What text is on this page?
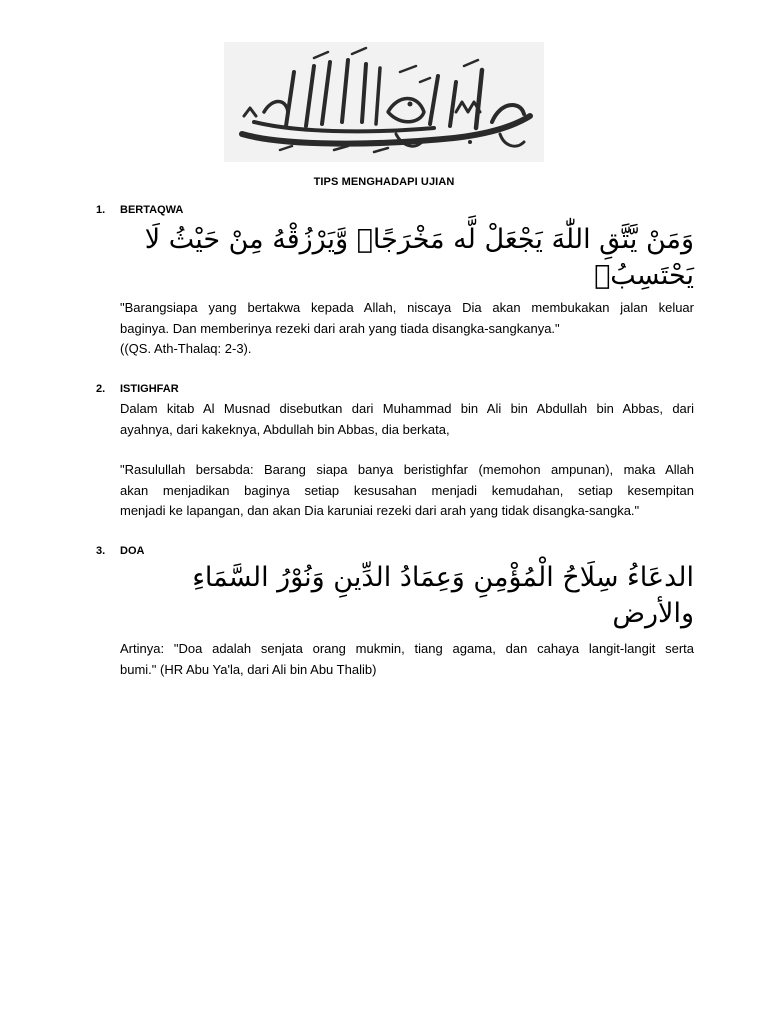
TIPS MENGHADAPI UJIAN
1. BERTAQWA
وَمَنْ يَّتَّقِ اللّٰهَ يَجْعَلْ لَّه مَخْرَجًاۙ وَّيَرْزُقْهُ مِنْ حَيْثُ لَا يَحْتَسِبُۗ
"Barangsiapa yang bertakwa kepada Allah, niscaya Dia akan membukakan jalan keluar
baginya. Dan memberinya rezeki dari arah yang tiada disangka-sangkanya."
((QS. Ath-Thalaq: 2-3).
2. ISTIGHFAR
Dalam kitab Al Musnad disebutkan dari Muhammad bin Ali bin Abdullah bin Abbas, dari
ayahnya, dari kakeknya, Abdullah bin Abbas, dia berkata,
"Rasulullah bersabda: Barang siapa banya beristighfar (memohon ampunan), maka Allah
akan menjadikan baginya setiap kesusahan menjadi kemudahan, setiap kesempitan
menjadi ke lapangan, dan akan Dia karuniai rezeki dari arah yang tidak disangka-sangka."
3. DOA
الدعَاءُ سِلَاحُ الْمُؤْمِنِ وَعِمَادُ الدِّينِ وَنُوْرُ السَّمَاءِ والأرض
Artinya: "Doa adalah senjata orang mukmin, tiang agama, dan cahaya langit-langit serta
bumi." (HR Abu Ya'la, dari Ali bin Abu Thalib)
